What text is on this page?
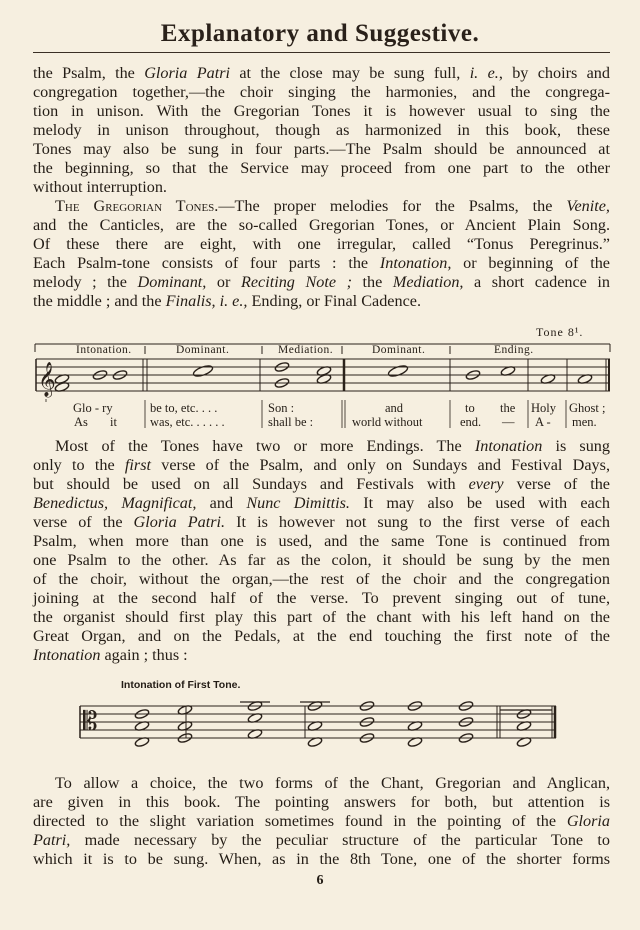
Explanatory and Suggestive.
the Psalm, the Gloria Patri at the close may be sung full, i. e., by choirs and
congregation together,—the choir singing the harmonies, and the congrega-
tion in unison. With the Gregorian Tones it is however usual to sing the
melody in unison throughout, though as harmonized in this book, these
Tones may also be sung in four parts.—The Psalm should be announced at
the beginning, so that the Service may proceed from one part to the other
without interruption.
The Gregorian Tones.—The proper melodies for the Psalms, the Venite,
and the Canticles, are the so-called Gregorian Tones, or Ancient Plain Song.
Of these there are eight, with one irregular, called “Tonus Peregrinus.”
Each Psalm-tone consists of four parts : the Intonation, or beginning of the
melody ; the Dominant, or Reciting Note ; the Mediation, a short cadence in
the middle ; and the Finalis, i. e., Ending, or Final Cadence.
Tone 8¹.
𝄞
Intonation.	Dominant.	Mediation.	Dominant.	Ending.
Glo - ry	be to, etc. . . .	Son :	and	to the Holy Ghost ;
As it	was, etc. . . . . .	shall be :	world without	end. — A - men.
Most of the Tones have two or more Endings. The Intonation is sung
only to the first verse of the Psalm, and only on Sundays and Festival Days,
but should be used on all Sundays and Festivals with every verse of the
Benedictus, Magnificat, and Nunc Dimittis. It may also be used with each
verse of the Gloria Patri. It is however not sung to the first verse of each
Psalm, when more than one is used, and the same Tone is continued from
one Psalm to the other. As far as the colon, it should be sung by the men
of the choir, without the organ,—the rest of the choir and the congregation
joining at the second half of the verse. To prevent singing out of tune,
the organist should first play this part of the chant with his left hand on the
Great Organ, and on the Pedals, at the end touching the first note of the
Intonation again ; thus :
Intonation of First Tone.
𝄡
To allow a choice, the two forms of the Chant, Gregorian and Anglican,
are given in this book. The pointing answers for both, but attention is
directed to the slight variation sometimes found in the pointing of the Gloria
Patri, made necessary by the peculiar structure of the particular Tone to
which it is to be sung. When, as in the 8th Tone, one of the shorter forms
6
